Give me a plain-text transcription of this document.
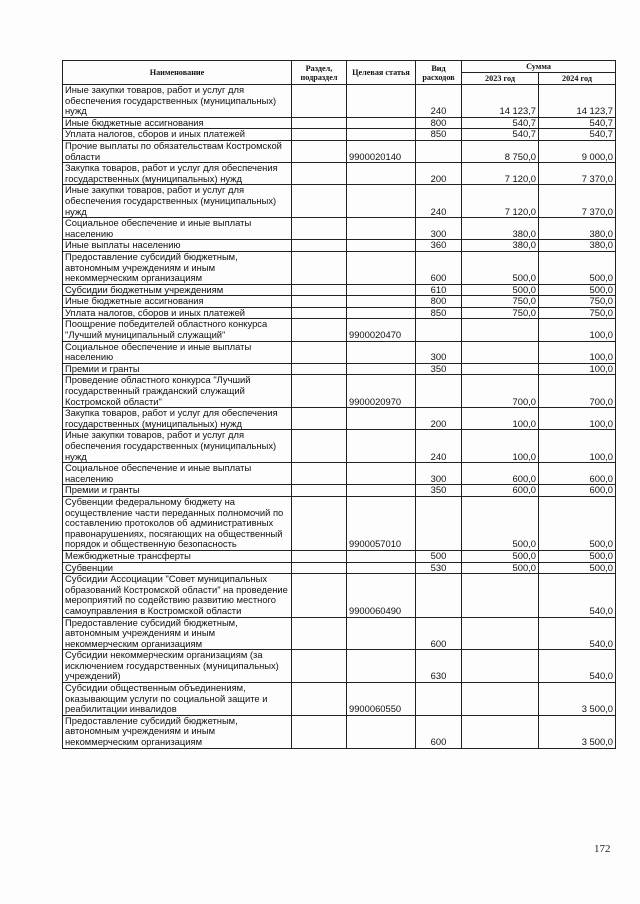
Наименование	Раздел, подраздел	Целевая статья	Вид расходов	Сумма	
				2023 год	2024 год
Иные закупки товаров, работ и услуг для обеспечения государственных (муниципальных) нужд			240	14 123,7	14 123,7
Иные бюджетные ассигнования			800	540,7	540,7
Уплата налогов, сборов и иных платежей			850	540,7	540,7
Прочие выплаты по обязательствам Костромской области		9900020140		8 750,0	9 000,0
Закупка товаров, работ и услуг для обеспечения государственных (муниципальных) нужд			200	7 120,0	7 370,0
Иные закупки товаров, работ и услуг для обеспечения государственных (муниципальных) нужд			240	7 120,0	7 370,0
Социальное обеспечение и иные выплаты населению			300	380,0	380,0
Иные выплаты населению			360	380,0	380,0
Предоставление субсидий бюджетным, автономным учреждениям и иным некоммерческим организациям			600	500,0	500,0
Субсидии бюджетным учреждениям			610	500,0	500,0
Иные бюджетные ассигнования			800	750,0	750,0
Уплата налогов, сборов и иных платежей			850	750,0	750,0
Поощрение победителей областного конкурса "Лучший муниципальный служащий"		9900020470			100,0
Социальное обеспечение и иные выплаты населению			300		100,0
Премии и гранты			350		100,0
Проведение областного конкурса "Лучший государственный гражданский служащий Костромской области"		9900020970		700,0	700,0
Закупка товаров, работ и услуг для обеспечения государственных (муниципальных) нужд			200	100,0	100,0
Иные закупки товаров, работ и услуг для обеспечения государственных (муниципальных) нужд			240	100,0	100,0
Социальное обеспечение и иные выплаты населению			300	600,0	600,0
Премии и гранты			350	600,0	600,0
Субвенции федеральному бюджету на осуществление части переданных полномочий по составлению протоколов об административных правонарушениях, посягающих на общественный порядок и общественную безопасность		9900057010		500,0	500,0
Межбюджетные трансферты			500	500,0	500,0
Субвенции			530	500,0	500,0
Субсидии Ассоциации "Совет муниципальных образований Костромской области" на проведение мероприятий по содействию развитию местного самоуправления в Костромской области		9900060490			540,0
Предоставление субсидий бюджетным, автономным учреждениям и иным некоммерческим организациям			600		540,0
Субсидии некоммерческим организациям (за исключением государственных (муниципальных) учреждений)			630		540,0
Субсидии общественным объединениям, оказывающим услуги по социальной защите и реабилитации инвалидов		9900060550			3 500,0
Предоставление субсидий бюджетным, автономным учреждениям и иным некоммерческим организациям			600		3 500,0
172
